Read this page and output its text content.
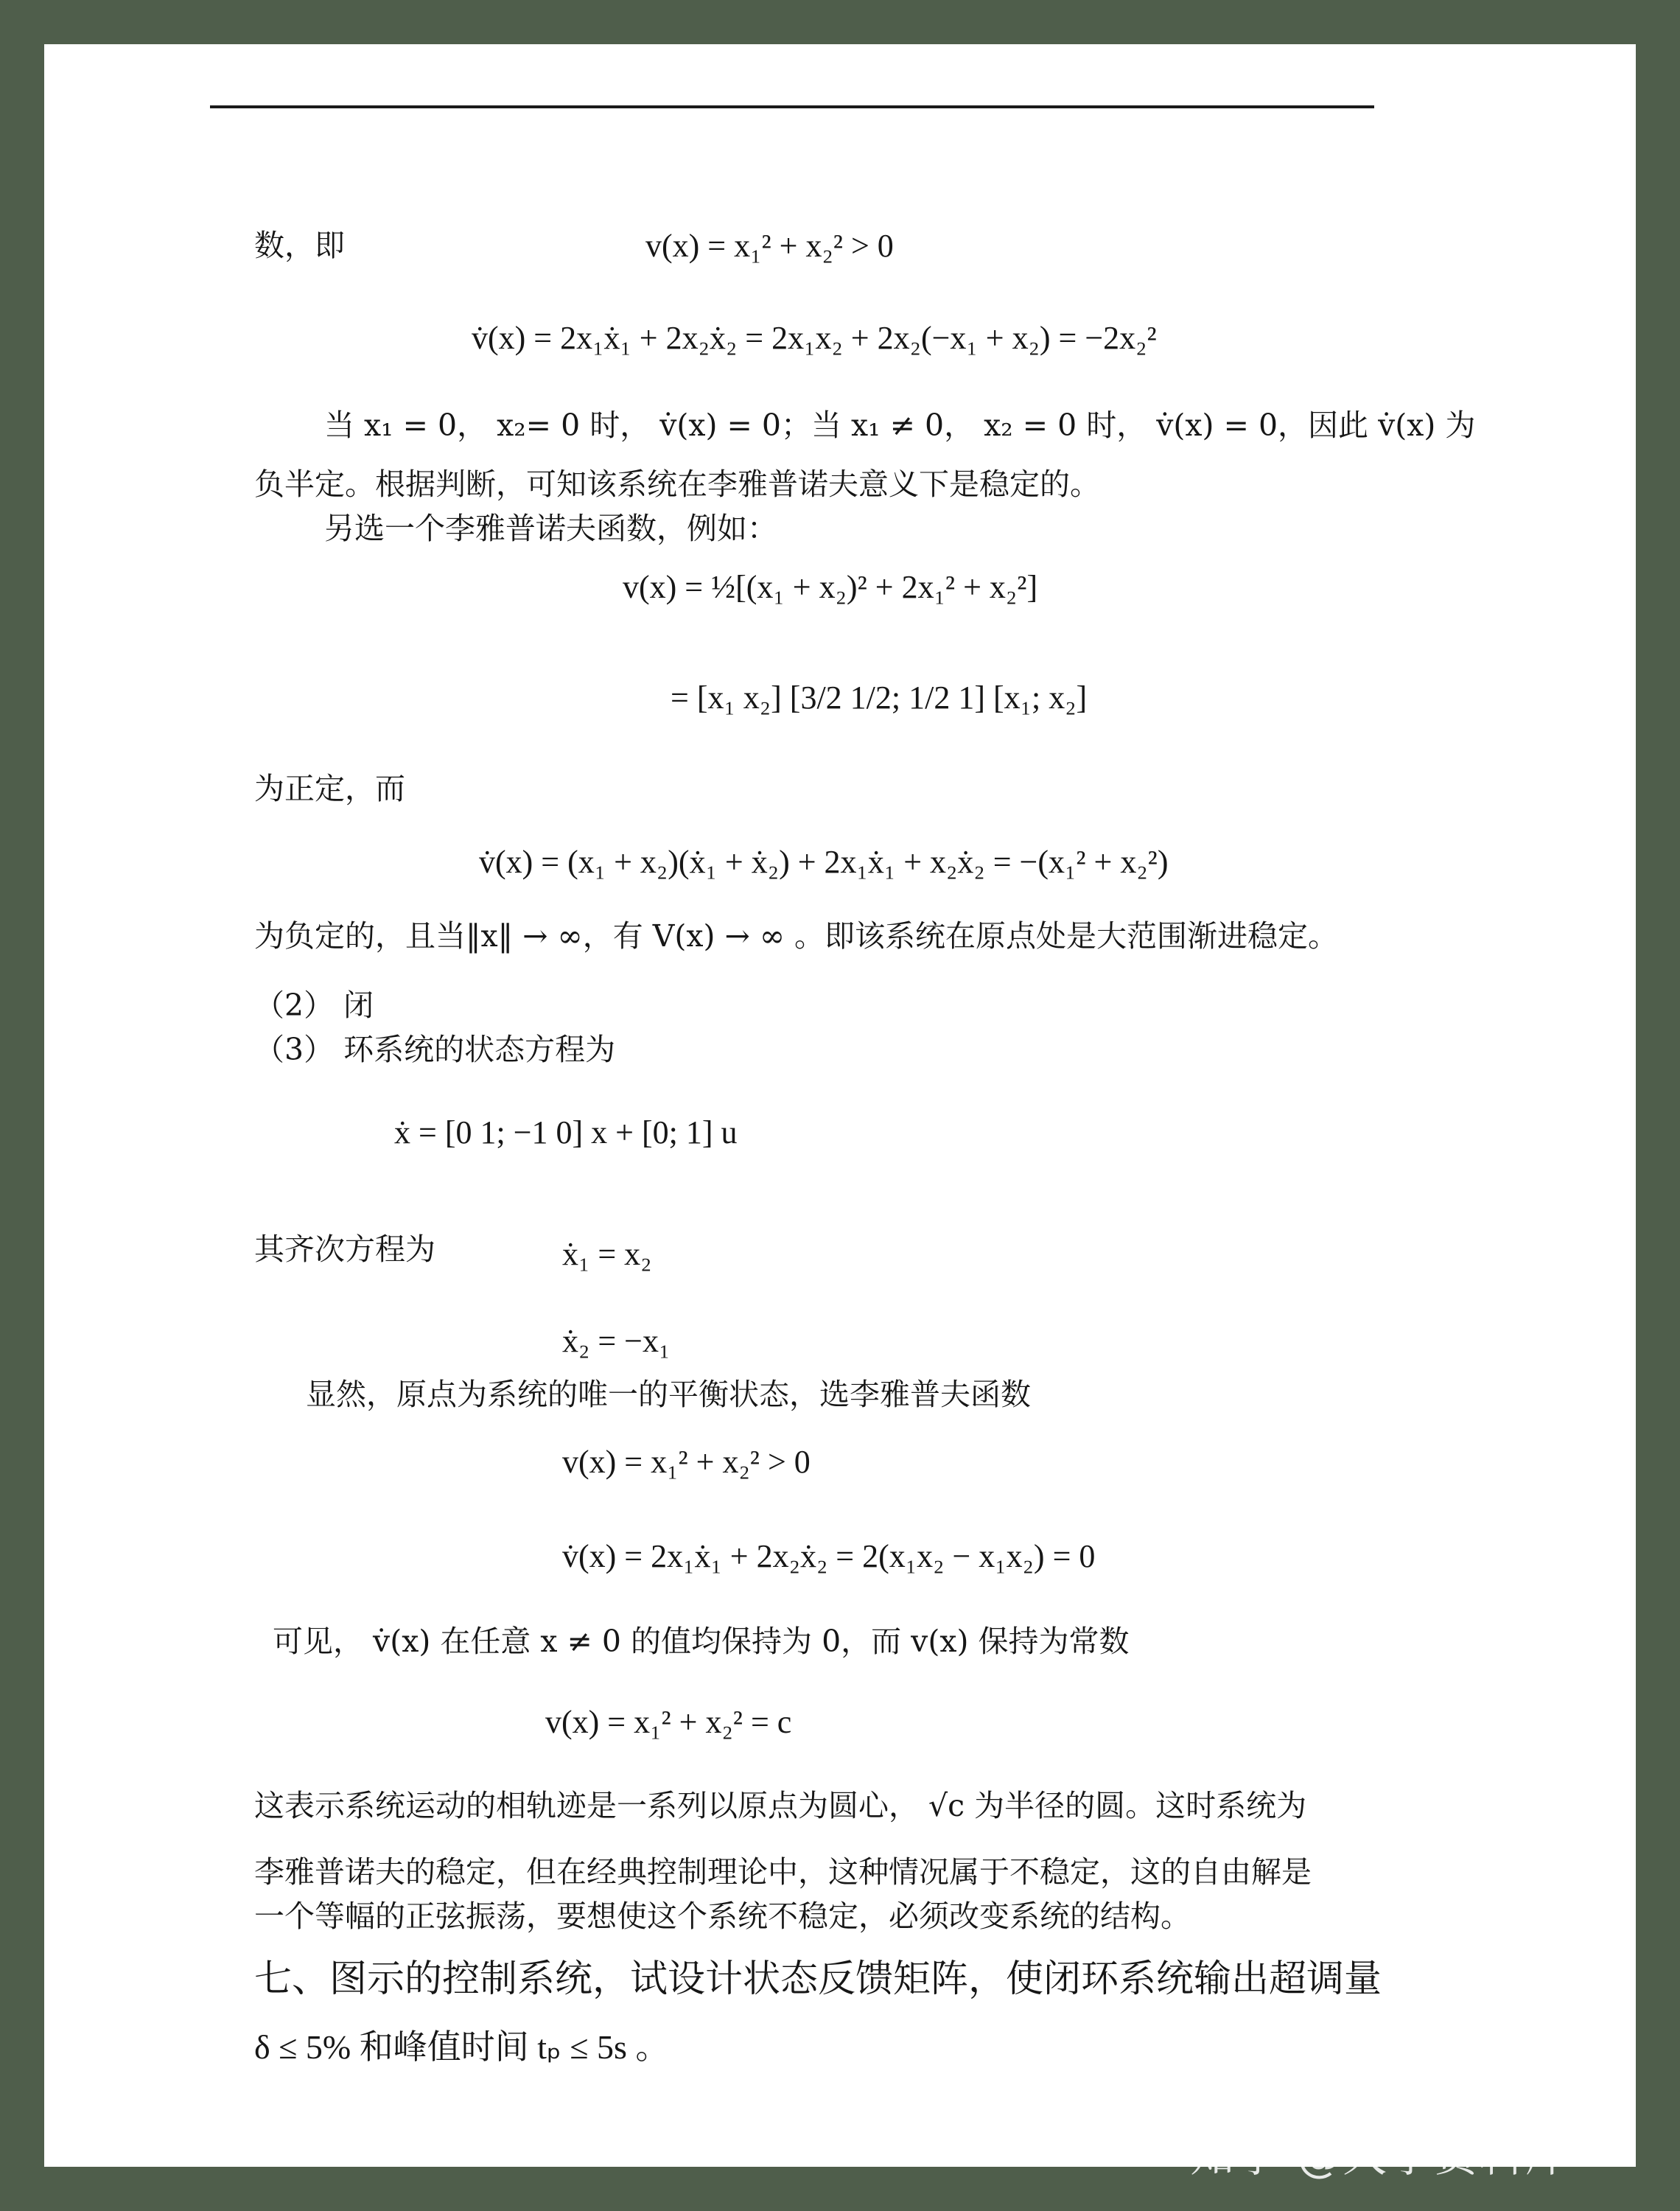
数，即	v(x) = x₁² + x₂² > 0
v̇(x) = 2x₁ẋ₁ + 2x₂ẋ₂ = 2x₁x₂ + 2x₂(−x₁ + x₂) = −2x₂²
当 x₁ = 0， x₂= 0 时， v̇(x) = 0；当 x₁ ≠ 0， x₂ = 0 时， v̇(x) = 0，因此 v̇(x) 为
负半定。根据判断，可知该系统在李雅普诺夫意义下是稳定的。
另选一个李雅普诺夫函数，例如：
v(x) = ½[(x₁ + x₂)² + 2x₁² + x₂²]
= [x₁ x₂] [3/2 1/2; 1/2 1] [x₁; x₂]
为正定，而
v̇(x) = (x₁ + x₂)(ẋ₁ + ẋ₂) + 2x₁ẋ₁ + x₂ẋ₂ = −(x₁² + x₂²)
为负定的，且当‖x‖ → ∞，有 V(x) → ∞ 。即该系统在原点处是大范围渐进稳定。
（2） 闭
（3） 环系统的状态方程为
ẋ = [0 1; −1 0] x + [0; 1] u
其齐次方程为	ẋ₁ = x₂
ẋ₂ = −x₁
显然，原点为系统的唯一的平衡状态，选李雅普夫函数
v(x) = x₁² + x₂² > 0
v̇(x) = 2x₁ẋ₁ + 2x₂ẋ₂ = 2(x₁x₂ − x₁x₂) = 0
可见， v̇(x) 在任意 x ≠ 0 的值均保持为 0，而 v(x) 保持为常数
v(x) = x₁² + x₂² = c
这表示系统运动的相轨迹是一系列以原点为圆心， √c 为半径的圆。这时系统为
李雅普诺夫的稳定，但在经典控制理论中，这种情况属于不稳定，这的自由解是
一个等幅的正弦振荡，要想使这个系统不稳定，必须改变系统的结构。
七、图示的控制系统，试设计状态反馈矩阵，使闭环系统输出超调量
δ ≤ 5% 和峰值时间 tₚ ≤ 5s 。
知乎 @大学资料库
